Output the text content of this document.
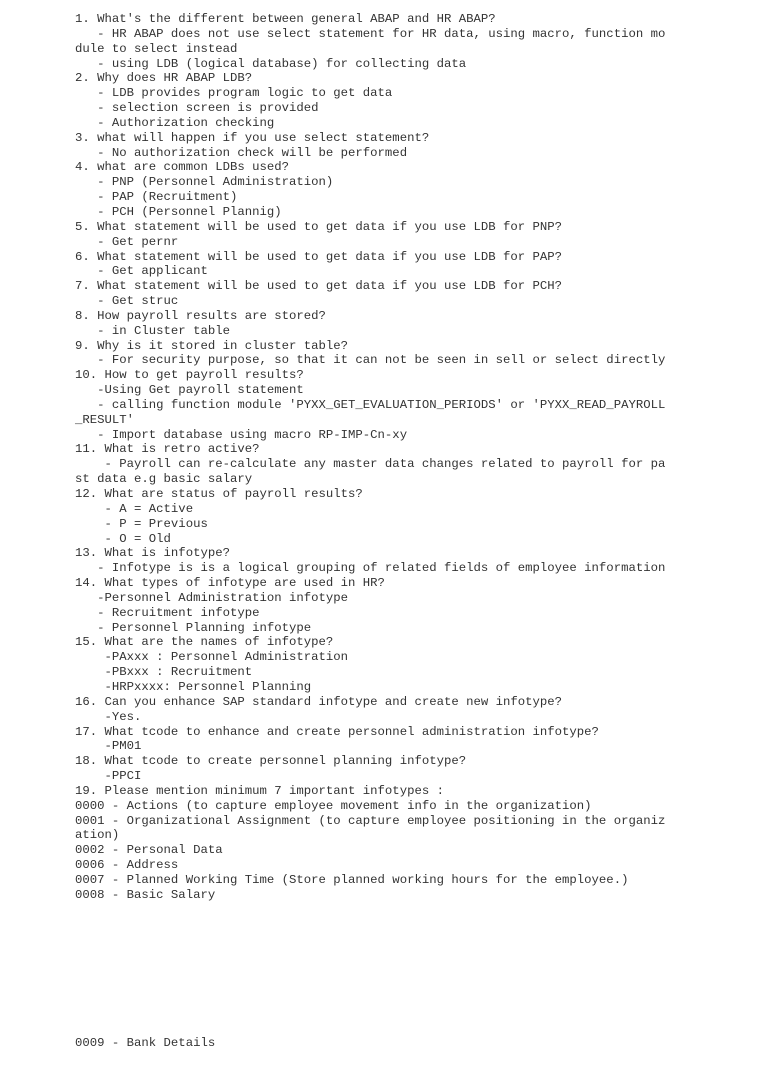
1. What's the different between general ABAP and HR ABAP?
- HR ABAP does not use select statement for HR data, using macro, function mo
dule to select instead
- using LDB (logical database) for collecting data
2. Why does HR ABAP LDB?
- LDB provides program logic to get data
- selection screen is provided
- Authorization checking
3. what will happen if you use select statement?
- No authorization check will be performed
4. what are common LDBs used?
- PNP (Personnel Administration)
- PAP (Recruitment)
- PCH (Personnel Plannig)
5. What statement will be used to get data if you use LDB for PNP?
- Get pernr
6. What statement will be used to get data if you use LDB for PAP?
- Get applicant
7. What statement will be used to get data if you use LDB for PCH?
- Get struc
8. How payroll results are stored?
- in Cluster table
9. Why is it stored in cluster table?
- For security purpose, so that it can not be seen in sell or select directly
10. How to get payroll results?
-Using Get payroll statement
- calling function module 'PYXX_GET_EVALUATION_PERIODS' or 'PYXX_READ_PAYROLL
_RESULT'
- Import database using macro RP-IMP-Cn-xy
11. What is retro active?
- Payroll can re-calculate any master data changes related to payroll for pa
st data e.g basic salary
12. What are status of payroll results?
- A = Active
- P = Previous
- O = Old
13. What is infotype?
- Infotype is is a logical grouping of related fields of employee information
14. What types of infotype are used in HR?
-Personnel Administration infotype
- Recruitment infotype
- Personnel Planning infotype
15. What are the names of infotype?
-PAxxx : Personnel Administration
-PBxxx : Recruitment
-HRPxxxx: Personnel Planning
16. Can you enhance SAP standard infotype and create new infotype?
-Yes.
17. What tcode to enhance and create personnel administration infotype?
-PM01
18. What tcode to create personnel planning infotype?
-PPCI
19. Please mention minimum 7 important infotypes :
0000 - Actions (to capture employee movement info in the organization)
0001 - Organizational Assignment (to capture employee positioning in the organiz
ation)
0002 - Personal Data
0006 - Address
0007 - Planned Working Time (Store planned working hours for the employee.)
0008 - Basic Salary

0009 - Bank Details
